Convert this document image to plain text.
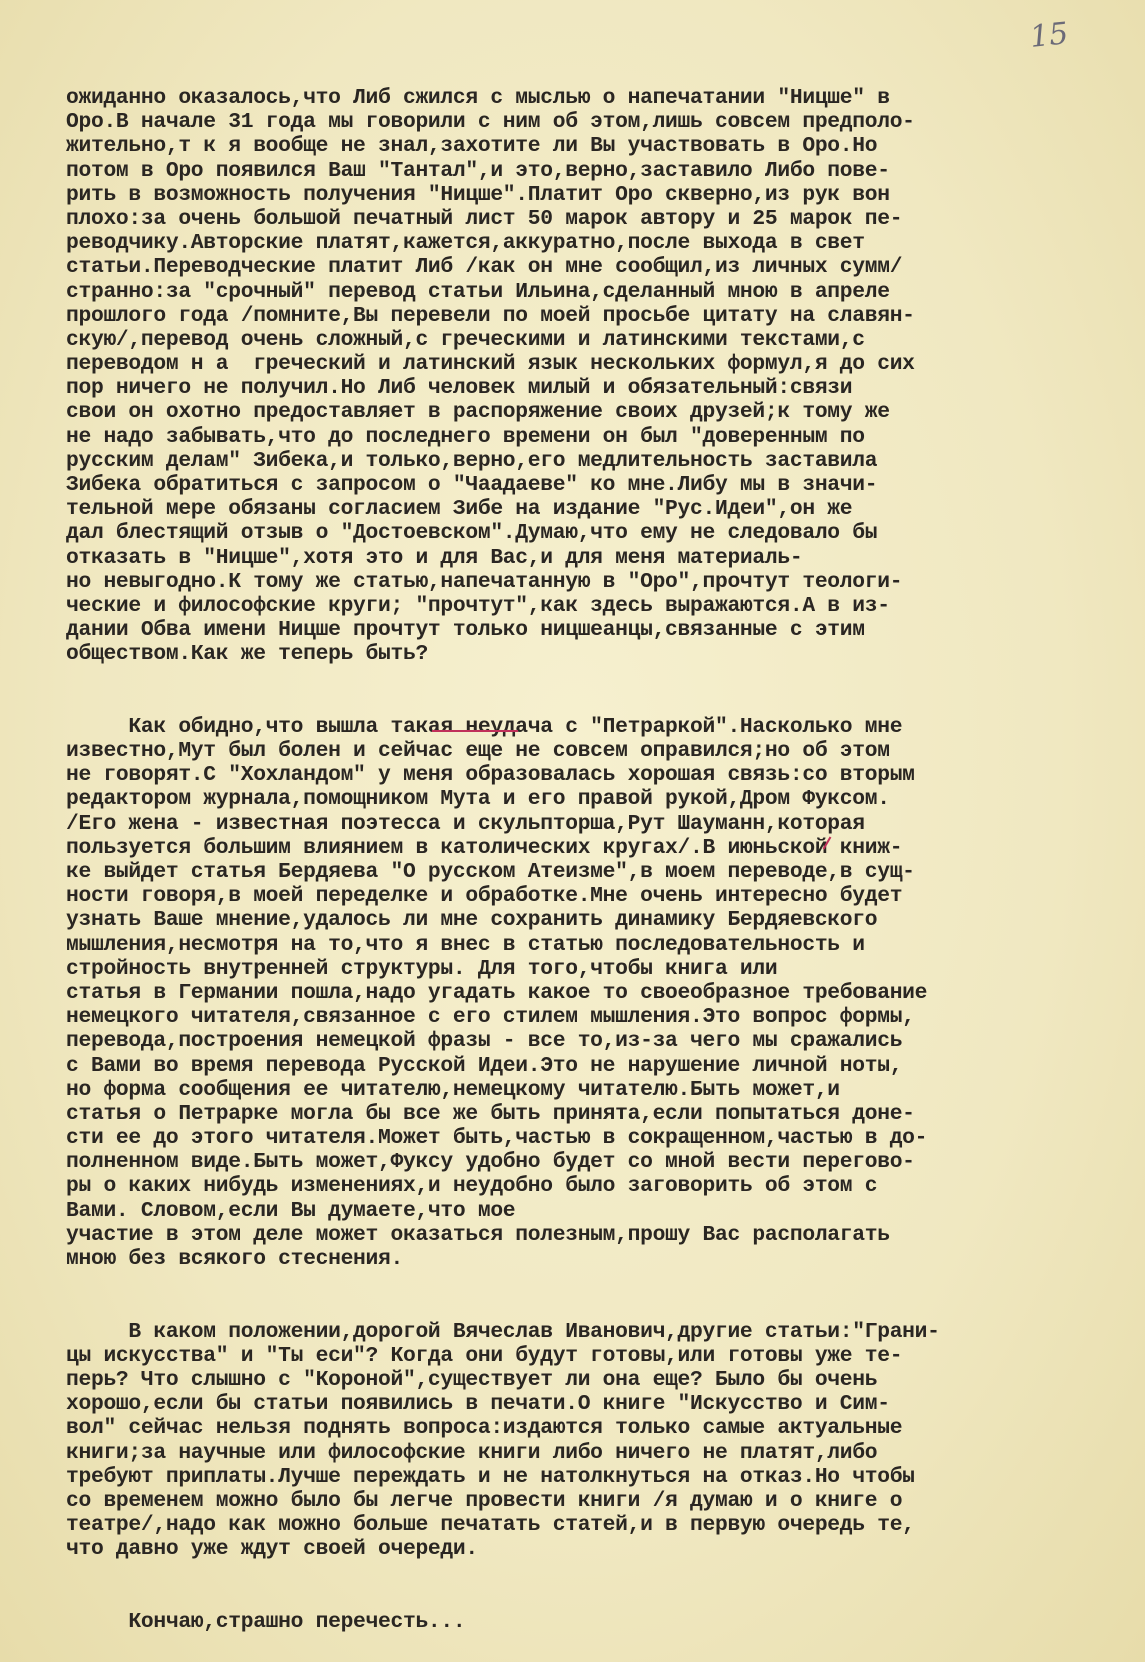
15
ожиданно оказалось,что Либ сжился с мыслью о напечатании "Ницше" в
Оро.В начале 31 года мы говорили с ним об этом,лишь совсем предполо-
жительно,т к я вообще не знал,захотите ли Вы участвовать в Оро.Но
потом в Оро появился Ваш "Тантал",и это,верно,заставило Либо пове-
рить в возможность получения "Ницше".Платит Оро скверно,из рук вон
плохо:за очень большой печатный лист 50 марок автору и 25 марок пе-
реводчику.Авторские платят,кажется,аккуратно,после выхода в свет
статьи.Переводческие платит Либ /как он мне сообщил,из личных сумм/
странно:за "срочный" перевод статьи Ильина,сделанный мною в апреле
прошлого года /помните,Вы перевели по моей просьбе цитату на славян-
скую/,перевод очень сложный,с греческими и латинскими текстами,с
переводом н а  греческий и латинский язык нескольких формул,я до сих
пор ничего не получил.Но Либ человек милый и обязательный:связи
свои он охотно предоставляет в распоряжение своих друзей;к тому же
не надо забывать,что до последнего времени он был "доверенным по
русским делам" Зибека,и только,верно,его медлительность заставила
Зибека обратиться с запросом о "Чаадаеве" ко мне.Либу мы в значи-
тельной мере обязаны согласием Зибе на издание "Рус.Идеи",он же
дал блестящий отзыв о "Достоевском".Думаю,что ему не следовало бы
отказать в "Ницше",хотя это и для Вас,и для меня материаль-
но невыгодно.К тому же статью,напечатанную в "Оро",прочтут теологи-
ческие и философские круги; "прочтут",как здесь выражаются.А в из-
дании Обва имени Ницше прочтут только ницшеанцы,связанные с этим
обществом.Как же теперь быть?
Как обидно,что вышла такая неудача с "Петраркой".Насколько мне
известно,Мут был болен и сейчас еще не совсем оправился;но об этом
не говорят.С "Хохландом" у меня образовалась хорошая связь:со вторым
редактором журнала,помощником Мута и его правой рукой,Дром Фуксом.
/Его жена - известная поэтесса и скульпторша,Рут Шауманн,которая
пользуется большим влиянием в католических кругах/.В июньской книж-
ке выйдет статья Бердяева "О русском Атеизме",в моем переводе,в сущ-
ности говоря,в моей переделке и обработке.Мне очень интересно будет
узнать Ваше мнение,удалось ли мне сохранить динамику Бердяевского
мышления,несмотря на то,что я внес в статью последовательность и
стройность внутренней структуры. Для того,чтобы книга или
статья в Германии пошла,надо угадать какое то своеобразное требование
немецкого читателя,связанное с его стилем мышления.Это вопрос формы,
перевода,построения немецкой фразы - все то,из-за чего мы сражались
с Вами во время перевода Русской Идеи.Это не нарушение личной ноты,
но форма сообщения ее читателю,немецкому читателю.Быть может,и
статья о Петрарке могла бы все же быть принята,если попытаться доне-
сти ее до этого читателя.Может быть,частью в сокращенном,частью в до-
полненном виде.Быть может,Фуксу удобно будет со мной вести перегово-
ры о каких нибудь изменениях,и неудобно было заговорить об этом с
Вами. Словом,если Вы думаете,что мое
участие в этом деле может оказаться полезным,прошу Вас располагать
мною без всякого стеснения.
В каком положении,дорогой Вячеслав Иванович,другие статьи:"Грани-
цы искусства" и "Ты еси"? Когда они будут готовы,или готовы уже те-
перь? Что слышно с "Короной",существует ли она еще? Было бы очень
хорошо,если бы статьи появились в печати.О книге "Искусство и Сим-
вол" сейчас нельзя поднять вопроса:издаются только самые актуальные
книги;за научные или философские книги либо ничего не платят,либо
требуют приплаты.Лучше переждать и не натолкнуться на отказ.Но чтобы
со временем можно было бы легче провести книги /я думаю и о книге о
театре/,надо как можно больше печатать статей,и в первую очередь те,
что давно уже ждут своей очереди.
Кончаю,страшно перечесть...
